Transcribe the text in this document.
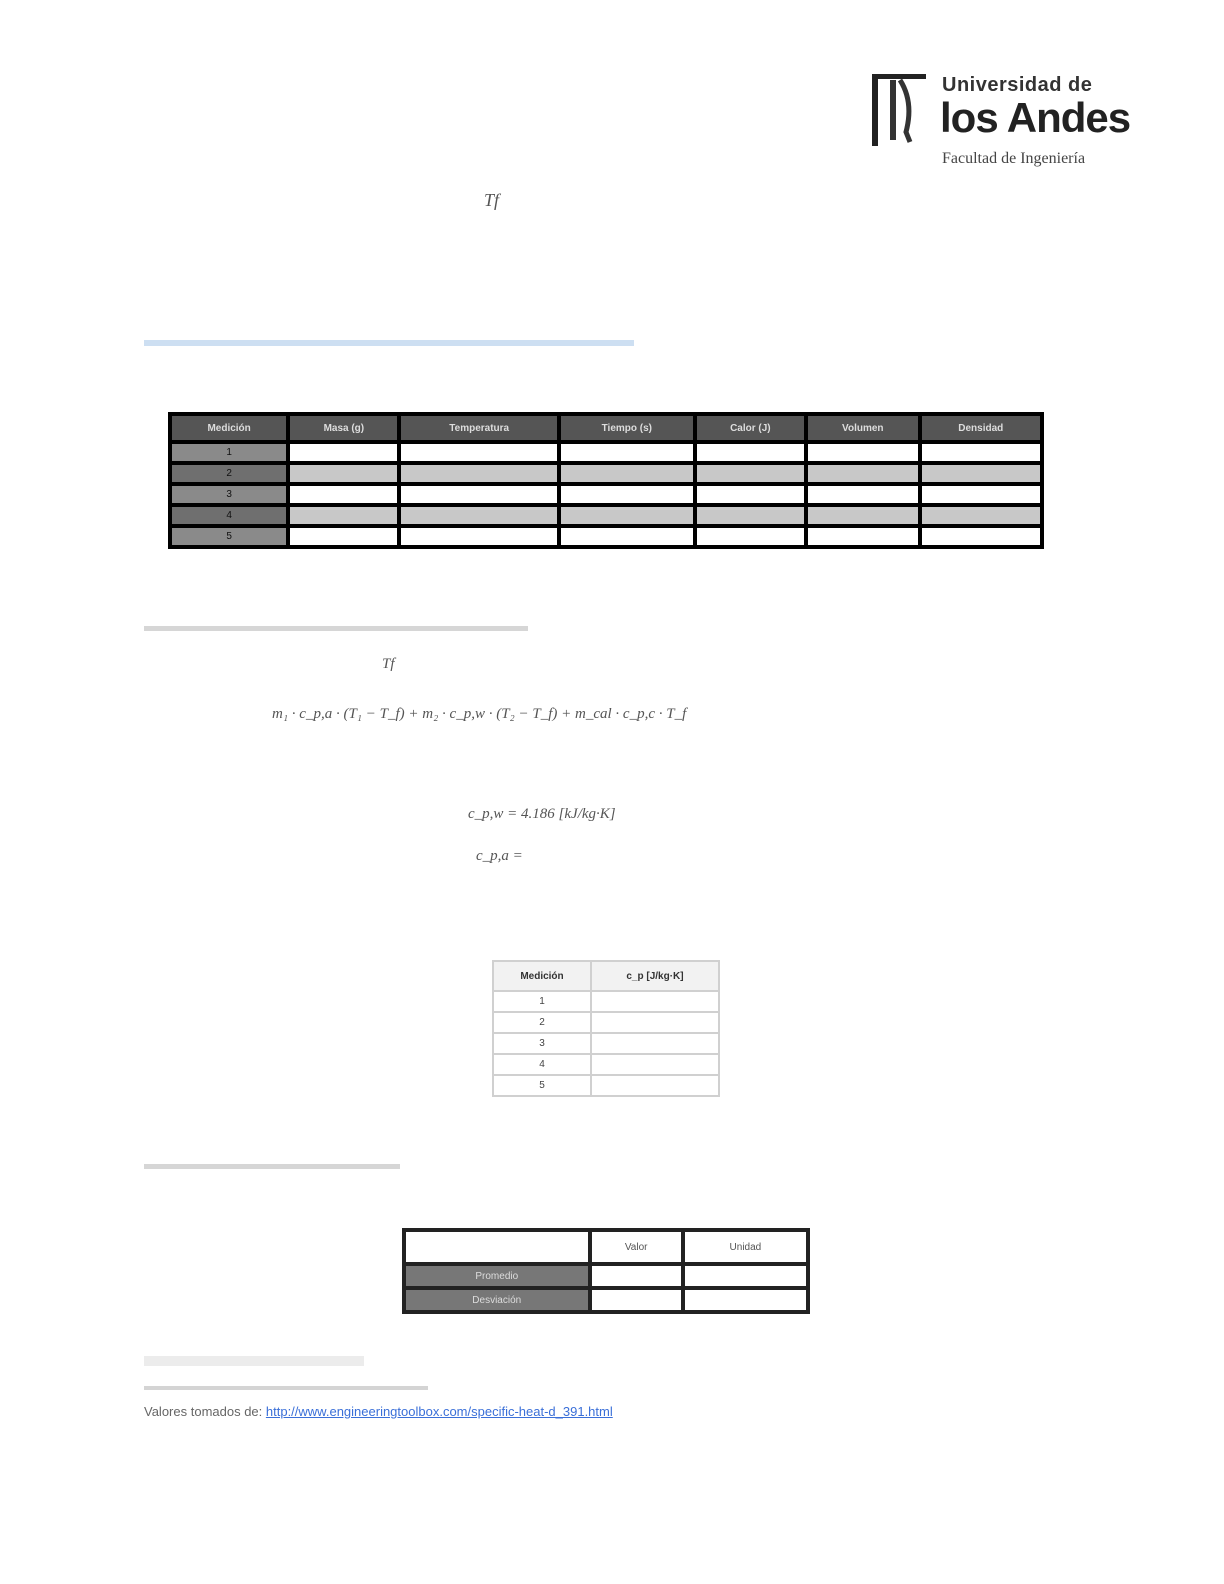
Universidad de
los Andes
Facultad de Ingeniería
Tf
Medición	Masa (g)	Temperatura	Tiempo (s)	Calor (J)	Volumen	Densidad
1						
2						
3						
4						
5						
Tf
m₁ · c_p,a · (T₁ − T_f) + m₂ · c_p,w · (T₂ − T_f) + m_cal · c_p,c · T_f
c_p,w = 4.186 [kJ/kg·K]
c_p,a =
Medición	c_p [J/kg·K]
1	
2	
3	
4	
5	
	Valor	Unidad
Promedio		
Desviación		
Valores tomados de: http://www.engineeringtoolbox.com/specific-heat-d_391.html
